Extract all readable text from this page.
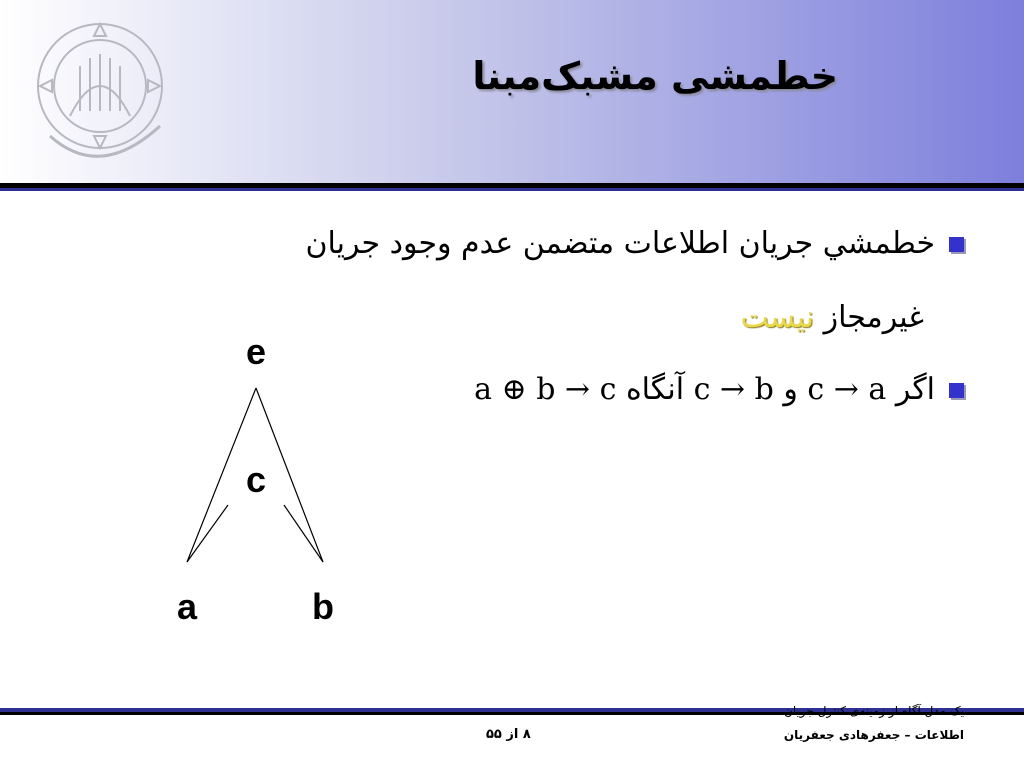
خطمشی مشبک‌مبنا
خطمشي جريان اطلاعات متضمن عدم وجود جريان
غيرمجاز نيست
اگر c → a و c → b آنگاه a ⊕ b → c
e
c
a	b
يک مدل آگاه از زمينه‌ی کنترل جريان
اطلاعات – جعفرهادی جعفريان
۸ از ۵۵
